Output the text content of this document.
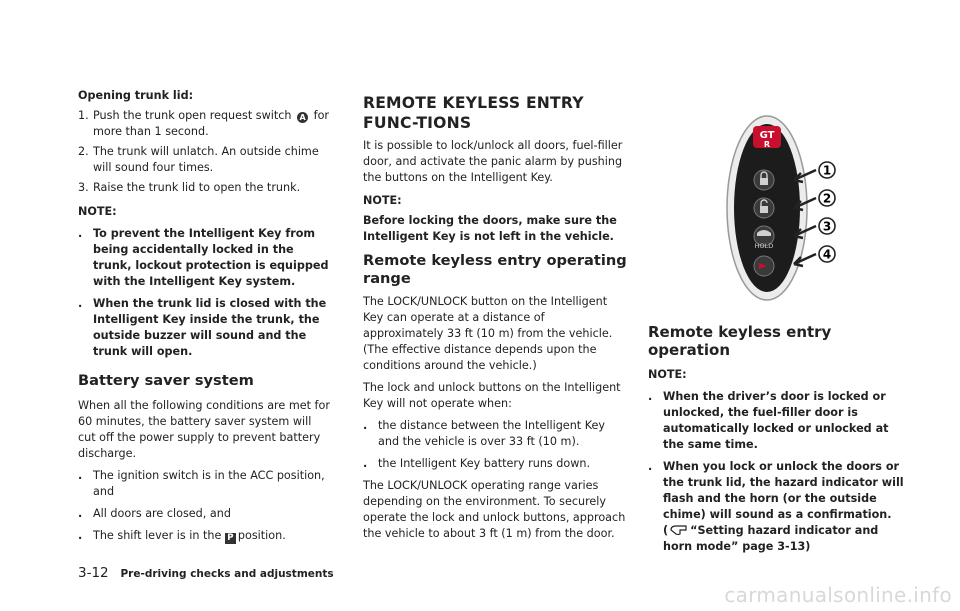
Opening trunk lid:

1. Push the trunk open request switch A for more than 1 second.

2. The trunk will unlatch. An outside chime will sound four times.

3. Raise the trunk lid to open the trunk.

NOTE:

. To prevent the Intelligent Key from being accidentally locked in the trunk, lockout protection is equipped with the Intelligent Key system.

. When the trunk lid is closed with the Intelligent Key inside the trunk, the outside buzzer will sound and the trunk will open.

Battery saver system

When all the following conditions are met for 60 minutes, the battery saver system will cut off the power supply to prevent battery discharge.

. The ignition switch is in the ACC position, and

. All doors are closed, and

. The shift lever is in the P position.

REMOTE KEYLESS ENTRY FUNC-TIONS

It is possible to lock/unlock all doors, fuel-filler door, and activate the panic alarm by pushing the buttons on the Intelligent Key.

NOTE:

Before locking the doors, make sure the Intelligent Key is not left in the vehicle.

Remote keyless entry operating range

The LOCK/UNLOCK button on the Intelligent Key can operate at a distance of approximately 33 ft (10 m) from the vehicle. (The effective distance depends upon the conditions around the vehicle.)

The lock and unlock buttons on the Intelligent Key will not operate when:

. the distance between the Intelligent Key and the vehicle is over 33 ft (10 m).

. the Intelligent Key battery runs down.

The LOCK/UNLOCK operating range varies depending on the environment. To securely operate the lock and unlock buttons, approach the vehicle to about 3 ft (1 m) from the door.

GT
R
HOLD
1
2
3
4

Remote keyless entry operation

NOTE:

. When the driver’s door is locked or unlocked, the fuel-filler door is automatically locked or unlocked at the same time.

. When you lock or unlock the doors or the trunk lid, the hazard indicator will flash and the horn (or the outside chime) will sound as a confirmation.
( “Setting hazard indicator and horn mode” page 3-13)

3-12 Pre-driving checks and adjustments
carmanualsonline.info
